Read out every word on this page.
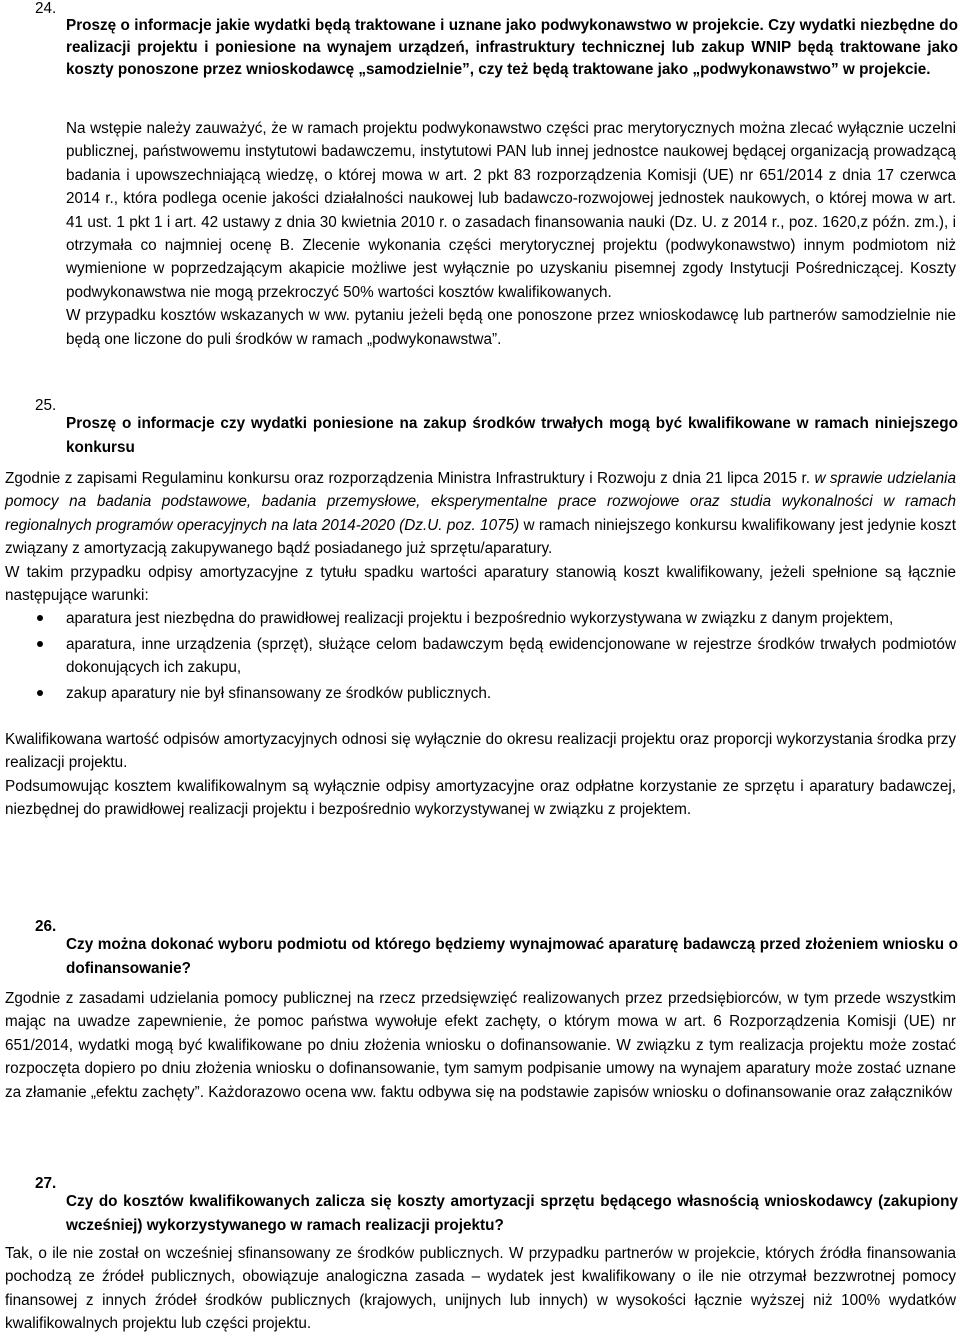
24.

Proszę o informacje jakie wydatki będą traktowane i uznane jako podwykonawstwo w projekcie. Czy wydatki niezbędne do realizacji projektu i poniesione na wynajem urządzeń, infrastruktury technicznej lub zakup WNIP będą traktowane jako koszty ponoszone przez wnioskodawcę „samodzielnie”, czy też będą traktowane jako „podwykonawstwo” w projekcie.

Na wstępie należy zauważyć, że w ramach projektu podwykonawstwo części prac merytorycznych można zlecać wyłącznie uczelni publicznej, państwowemu instytutowi badawczemu, instytutowi PAN lub innej jednostce naukowej będącej organizacją prowadzącą badania i upowszechniającą wiedzę, o której mowa w art. 2 pkt 83 rozporządzenia Komisji (UE) nr 651/2014 z dnia 17 czerwca 2014 r., która podlega ocenie jakości działalności naukowej lub badawczo-rozwojowej jednostek naukowych, o której mowa w art. 41 ust. 1 pkt 1 i art. 42 ustawy z dnia 30 kwietnia 2010 r. o zasadach finansowania nauki (Dz. U. z 2014 r., poz. 1620,z późn. zm.), i otrzymała co najmniej ocenę B. Zlecenie wykonania części merytorycznej projektu (podwykonawstwo) innym podmiotom niż wymienione w poprzedzającym akapicie możliwe jest wyłącznie po uzyskaniu pisemnej zgody Instytucji Pośredniczącej. Koszty podwykonawstwa nie mogą przekroczyć 50% wartości kosztów kwalifikowanych.

W przypadku kosztów wskazanych w ww. pytaniu jeżeli będą one ponoszone przez wnioskodawcę lub partnerów samodzielnie nie będą one liczone do puli środków w ramach „podwykonawstwa”.

25.

Proszę o informacje czy wydatki poniesione na zakup środków trwałych mogą być kwalifikowane w ramach niniejszego konkursu

Zgodnie z zapisami Regulaminu konkursu oraz rozporządzenia Ministra Infrastruktury i Rozwoju z dnia 21 lipca 2015 r. w sprawie udzielania pomocy na badania podstawowe, badania przemysłowe, eksperymentalne prace rozwojowe oraz studia wykonalności w ramach regionalnych programów operacyjnych na lata 2014-2020 (Dz.U. poz. 1075) w ramach niniejszego konkursu kwalifikowany jest jedynie koszt związany z amortyzacją zakupywanego bądź posiadanego już sprzętu/aparatury.

W takim przypadku odpisy amortyzacyjne z tytułu spadku wartości aparatury stanowią koszt kwalifikowany, jeżeli spełnione są łącznie następujące warunki:

aparatura jest niezbędna do prawidłowej realizacji projektu i bezpośrednio wykorzystywana w związku z danym projektem,
aparatura, inne urządzenia (sprzęt), służące celom badawczym będą ewidencjonowane w rejestrze środków trwałych podmiotów dokonujących ich zakupu,
zakup aparatury nie był sfinansowany ze środków publicznych.

Kwalifikowana wartość odpisów amortyzacyjnych odnosi się wyłącznie do okresu realizacji projektu oraz proporcji wykorzystania środka przy realizacji projektu.

Podsumowując kosztem kwalifikowalnym są wyłącznie odpisy amortyzacyjne oraz odpłatne korzystanie ze sprzętu i aparatury badawczej, niezbędnej do prawidłowej realizacji projektu i bezpośrednio wykorzystywanej w związku z projektem.

26.

Czy można dokonać wyboru podmiotu od którego będziemy wynajmować aparaturę badawczą przed złożeniem wniosku o dofinansowanie?

Zgodnie z zasadami udzielania pomocy publicznej na rzecz przedsięwzięć realizowanych przez przedsiębiorców, w tym przede wszystkim mając na uwadze zapewnienie, że pomoc państwa wywołuje efekt zachęty, o którym mowa w art. 6 Rozporządzenia Komisji (UE) nr 651/2014, wydatki mogą być kwalifikowane po dniu złożenia wniosku o dofinansowanie. W związku z tym realizacja projektu może zostać rozpoczęta dopiero po dniu złożenia wniosku o dofinansowanie, tym samym podpisanie umowy na wynajem aparatury może zostać uznane za złamanie „efektu zachęty”. Każdorazowo ocena ww. faktu odbywa się na podstawie zapisów wniosku o dofinansowanie oraz załączników

27.

Czy do kosztów kwalifikowanych zalicza się koszty amortyzacji sprzętu będącego własnością wnioskodawcy (zakupiony wcześniej) wykorzystywanego w ramach realizacji projektu?

Tak, o ile nie został on wcześniej sfinansowany ze środków publicznych. W przypadku partnerów w projekcie, których źródła finansowania pochodzą ze źródeł publicznych, obowiązuje analogiczna zasada – wydatek jest kwalifikowany o ile nie otrzymał bezzwrotnej pomocy finansowej z innych źródeł środków publicznych (krajowych, unijnych lub innych) w wysokości łącznie wyższej niż 100% wydatków kwalifikowalnych projektu lub części projektu.
